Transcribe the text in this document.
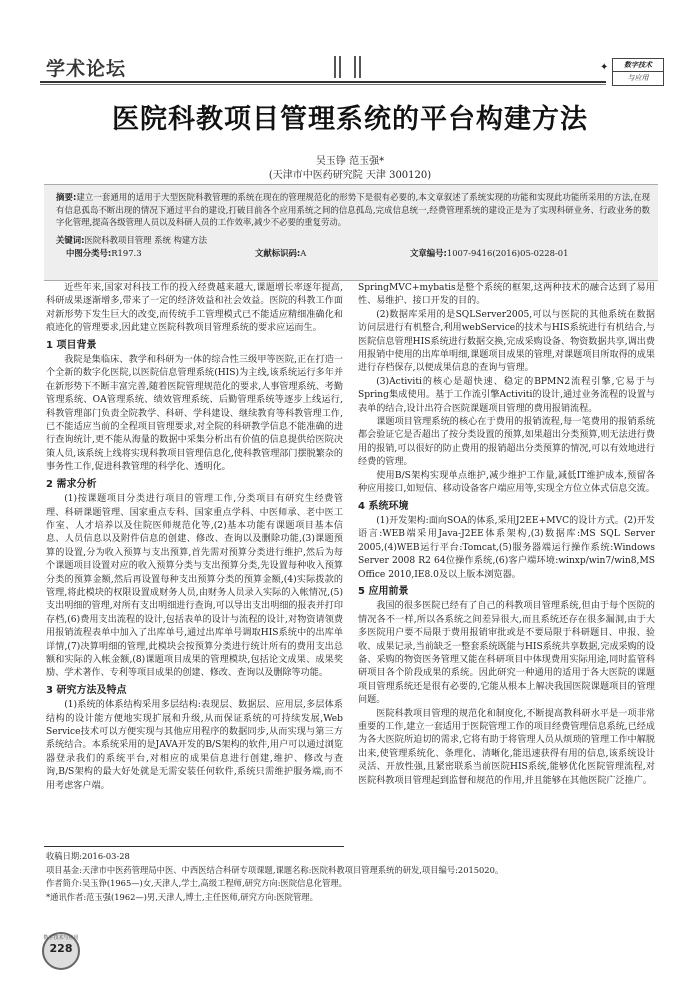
学术论坛	✦	数字技术
与应用
医院科教项目管理系统的平台构建方法
吴玉铮 范玉强*
(天津市中医药研究院 天津 300120)
摘要:建立一套通用的适用于大型医院科教管理的系统在现在的管理规范化的形势下是很有必要的,本文章叙述了系统实现的功能和实现此功能所采用的方法,在现有信息孤岛不断出现的情况下通过平台的建设,打破目前各个应用系统之间的信息孤岛,完成信息统一,经费管理系统的建设正是为了实现科研业务、行政业务的数字化管理,提高各级管理人员以及科研人员的工作效率,减少不必要的重复劳动。
关键词:医院科教项目管理 系统 构建方法
中图分类号:R197.3	文献标识码:A	文章编号:1007-9416(2016)05-0228-01

近些年来,国家对科技工作的投入经费越来越大,课题增长率逐年提高,科研成果逐渐增多,带来了一定的经济效益和社会效益。医院的科教工作面对新形势下发生巨大的改变,而传统手工管理模式已不能适应精细准确化和痕迹化的管理要求,因此建立医院科教项目管理系统的要求应运而生。

1 项目背景

我院是集临床、教学和科研为一体的综合性三级甲等医院,正在打造一个全新的数字化医院,以医院信息管理系统(HIS)为主线,该系统运行多年并在新形势下不断丰富完善,随着医院管理规范化的要求,人事管理系统、考勤管理系统、OA管理系统、绩效管理系统、后勤管理系统等逐步上线运行,科教管理部门负责全院教学、科研、学科建设、继续教育等科教管理工作,已不能适应当前的全程项目管理要求,对全院的科研教学信息不能准确的进行查询统计,更不能从海量的数据中采集分析出有价值的信息提供给医院决策人员,该系统上线将实现科教项目管理信息化,使科教管理部门摆脱繁杂的事务性工作,促进科教管理的科学化、透明化。

2 需求分析

(1)按课题项目分类进行项目的管理工作,分类项目有研究生经费管理、科研课题管理、国家重点专科、国家重点学科、中医师承、老中医工作室、人才培养以及住院医师规范化等,(2)基本功能有课题项目基本信息、人员信息以及附件信息的创建、修改、查询以及删除功能,(3)课题预算的设置,分为收入预算与支出预算,首先需对预算分类进行维护,然后为每个课题项目设置对应的收入预算分类与支出预算分类,先设置每种收入预算分类的预算金额,然后再设置每种支出预算分类的预算金额,(4)实际拨款的管理,将此模块的权限设置成财务人员,由财务人员录入实际的入帐情况,(5)支出明细的管理,对所有支出明细进行查询,可以导出支出明细的报表并打印存档,(6)费用支出流程的设计,包括表单的设计与流程的设计,对物资请领费用报销流程表单中加入了出库单号,通过出库单号调取HIS系统中的出库单详情,(7)决算明细的管理,此模块会按预算分类进行统计所有的费用支出总额和实际的入帐金额,(8)课题项目成果的管理模块,包括论文成果、成果奖励、学术著作、专利等项目成果的创建、修改、查询以及删除等功能。

3 研究方法及特点

(1)系统的体系结构采用多层结构:表现层、数据层、应用层,多层体系结构的设计能方便地实现扩展和升级,从而保证系统的可持续发展,Web Service技术可以方便实现与其他应用程序的数据同步,从而实现与第三方系统结合。本系统采用的是JAVA开发的B/S架构的软件,用户可以通过浏览器登录我们的系统平台,对相应的成果信息进行创建,维护、修改与查询,B/S架构的最大好处就是无需安装任何软件,系统只需维护服务端,而不用考虑客户端。

SpringMVC+mybatis是整个系统的框架,这两种技术的融合达到了易用性、易维护、接口开发的目的。

(2)数据库采用的是SQLServer2005,可以与医院的其他系统在数据访问层进行有机整合,利用webService的技术与HIS系统进行有机结合,与医院信息管理HIS系统进行数据交换,完成采购设备、物资数据共享,调出费用报销中使用的出库单明细,课题项目成果的管理,对课题项目所取得的成果进行存档保存,以便成果信息的查询与管理。

(3)Activiti的核心是超快速、稳定的BPMN2流程引擎,它易于与Spring集成使用。基于工作流引擎Activiti的设计,通过业务流程的设置与表单的结合,设计出符合医院课题项目管理的费用报销流程。

课题项目管理系统的核心在于费用的报销流程,每一笔费用的报销系统都会验证它是否超出了按分类设置的预算,如果超出分类预算,则无法进行费用的报销,可以很好的防止费用的报销超出分类预算的情况,可以有效地进行经费的管理。

使用B/S架构实现单点维护,减少维护工作量,减低IT维护成本,预留各种应用接口,如短信、移动设备客户端应用等,实现全方位立体式信息交流。

4 系统环境

(1)开发架构:面向SOA的体系,采用J2EE+MVC的设计方式。(2)开发语言:WEB端采用Java-J2EE体系架构,(3)数据库:MS SQL Server 2005,(4)WEB运行平台:Tomcat,(5)服务器端运行操作系统:Windows Server 2008 R2 64位操作系统,(6)客户端环境:winxp/win7/win8,MS Office 2010,IE8.0及以上版本浏览器。

5 应用前景

我国的很多医院已经有了自己的科教项目管理系统,但由于每个医院的情况各不一样,所以各系统之间差异很大,而且系统还存在很多漏洞,由于大多医院用户要不局限于费用报销审批或是不要局限于科研题目、申报、验收、成果记录,当前缺乏一整套系统既能与HIS系统共享数据,完成采购的设备、采购的物资医务管理又能在科研项目中体现费用实际用途,同时监管科研项目各个阶段成果的系统。因此研究一种通用的适用于各大医院的课题项目管理系统还是很有必要的,它能从根本上解决我国医院课题项目的管理问题。

医院科教项目管理的规范化和制度化,不断提高教科研水平是一项非常重要的工作,建立一套适用于医院管理工作的项目经费管理信息系统,已经成为各大医院所迫切的需求,它将有助于将管理人员从烦琐的管理工作中解脱出来,使管理系统化、条理化、清晰化,能迅速获得有用的信息,该系统设计灵活、开放性强,且紧密联系当前医院HIS系统,能够优化医院管理流程,对医院科教项目管理起到监督和规范的作用,并且能够在其他医院广泛推广。

收稿日期:2016-03-28
项目基金:天津市中医药管理局中医、中西医结合科研专项课题,课题名称:医院科教项目管理系统的研发,项目编号:2015020。
作者简介:吴玉铮(1965—)女,天津人,学士,高级工程师,研究方向:医院信息化管理。
*通讯作者:范玉强(1962—)男,天津人,博士,主任医师,研究方向:医院管理。
数字技术与应用
228
